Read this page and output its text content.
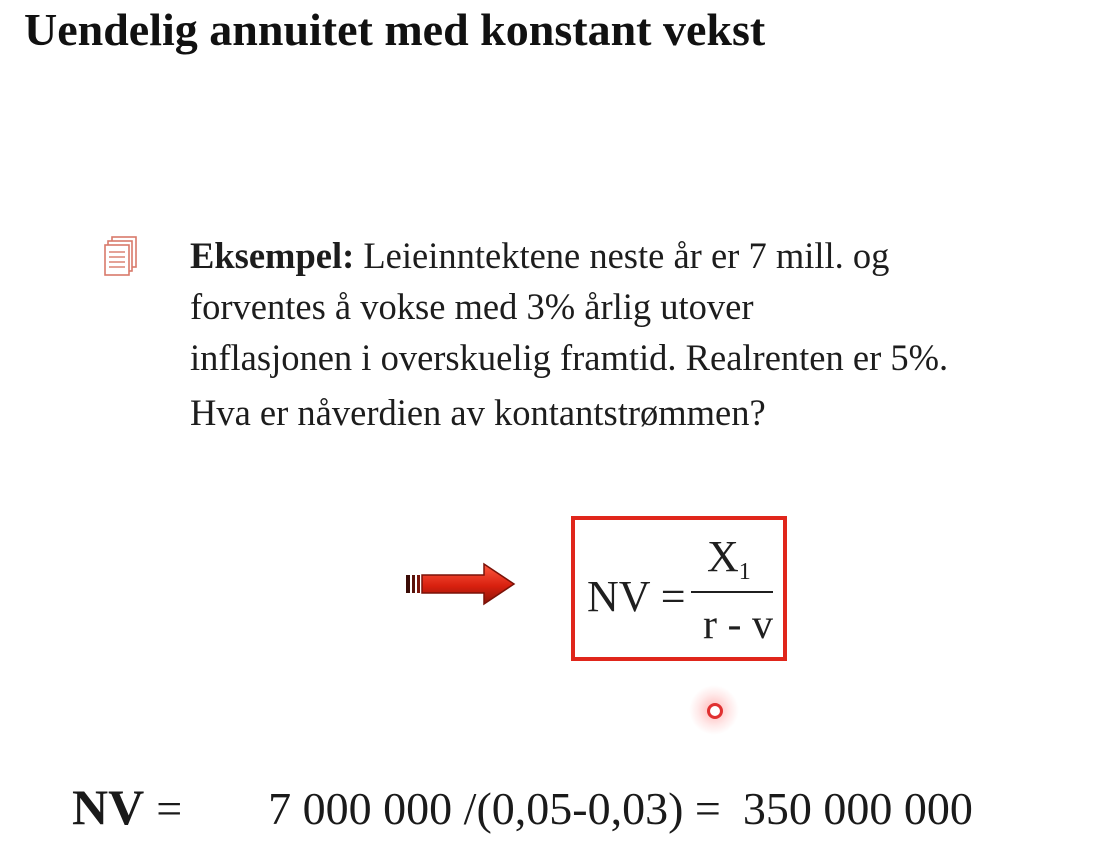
Uendelig annuitet med konstant vekst
Eksempel: Leieinntektene neste år er 7 mill. og
forventes å vokse med 3% årlig utover
inflasjonen i overskuelig framtid. Realrenten er 5%.
Hva er nåverdien av kontantstrømmen?
NV =
$X_1$
r - v
NV = 7 000 000 /(0,05-0,03) = 350 000 000
